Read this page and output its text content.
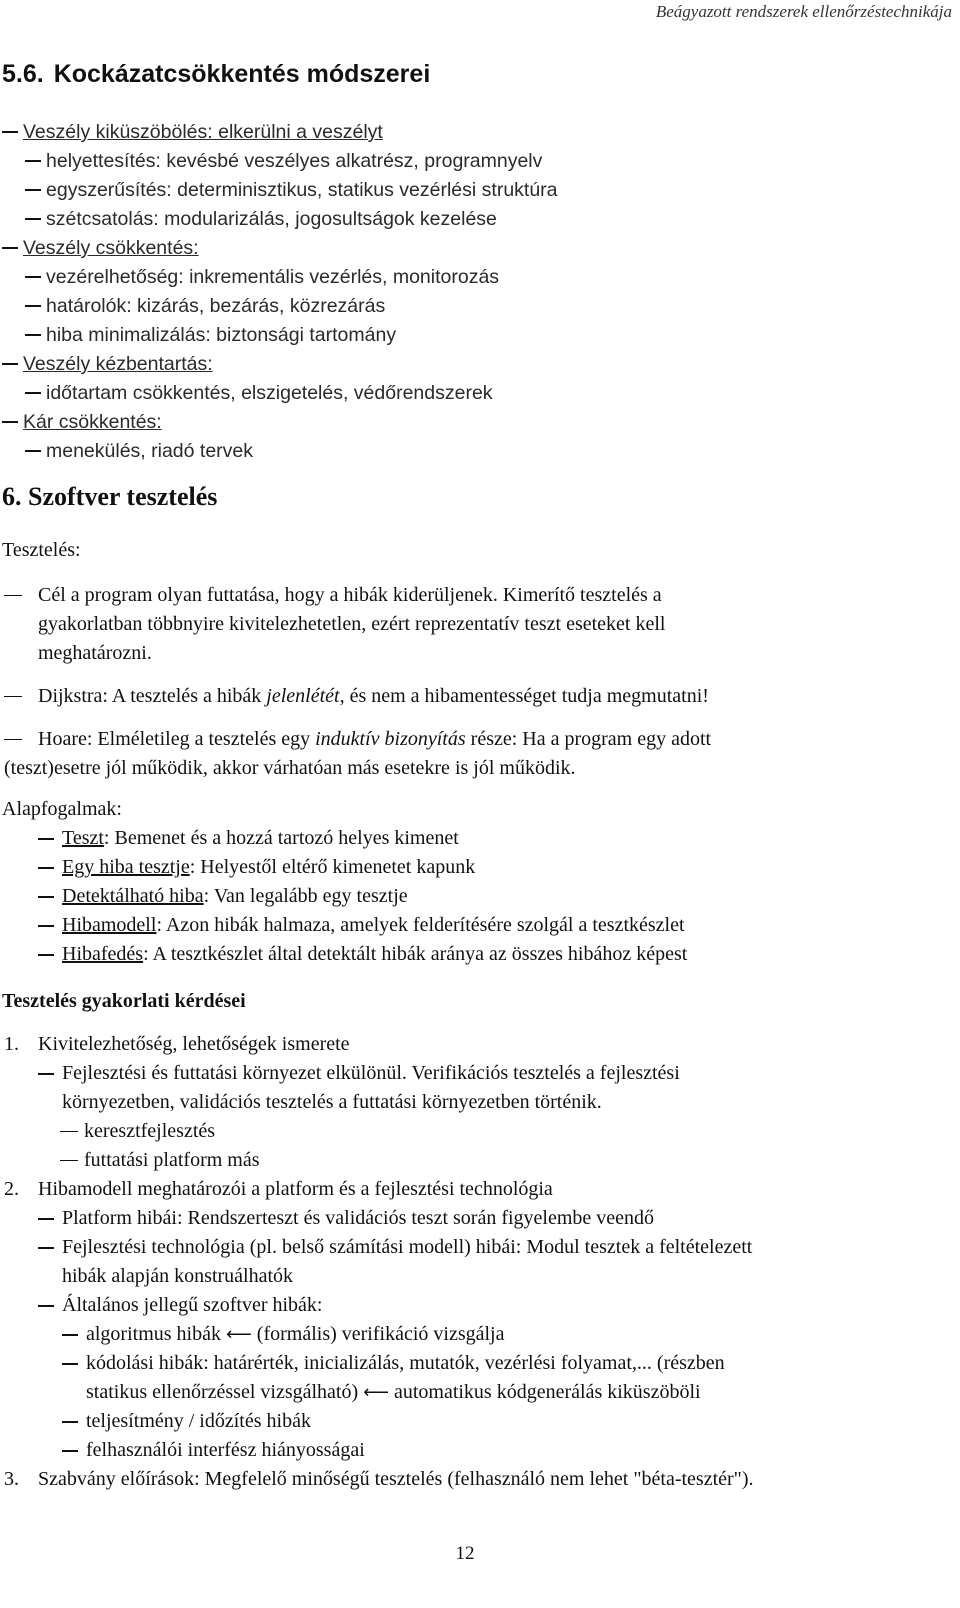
Beágyazott rendszerek ellenőrzéstechnikája
5.6. Kockázatcsökkentés módszerei
Veszély kiküszöbölés: elkerülni a veszélyt
helyettesítés: kevésbé veszélyes alkatrész, programnyelv
egyszerűsítés: determinisztikus, statikus vezérlési struktúra
szétcsatolás: modularizálás, jogosultságok kezelése
Veszély csökkentés:
vezérelhetőség: inkrementális vezérlés, monitorozás
határolók: kizárás, bezárás, közrezárás
hiba minimalizálás: biztonsági tartomány
Veszély kézbentartás:
időtartam csökkentés, elszigetelés, védőrendszerek
Kár csökkentés:
menekülés, riadó tervek
6. Szoftver tesztelés
Tesztelés:
Cél a program olyan futtatása, hogy a hibák kiderüljenek. Kimerítő tesztelés a
gyakorlatban többnyire kivitelezhetetlen, ezért reprezentatív teszt eseteket kell
meghatározni.
Dijkstra: A tesztelés a hibák jelenlétét, és nem a hibamentességet tudja megmutatni!
Hoare: Elméletileg a tesztelés egy induktív bizonyítás része: Ha a program egy adott
(teszt)esetre jól működik, akkor várhatóan más esetekre is jól működik.
Alapfogalmak:
Teszt: Bemenet és a hozzá tartozó helyes kimenet
Egy hiba tesztje: Helyestől eltérő kimenetet kapunk
Detektálható hiba: Van legalább egy tesztje
Hibamodell: Azon hibák halmaza, amelyek felderítésére szolgál a tesztkészlet
Hibafedés: A tesztkészlet által detektált hibák aránya az összes hibához képest
Tesztelés gyakorlati kérdései
1. Kivitelezhetőség, lehetőségek ismerete
Fejlesztési és futtatási környezet elkülönül. Verifikációs tesztelés a fejlesztési
környezetben, validációs tesztelés a futtatási környezetben történik.
keresztfejlesztés
futtatási platform más
2. Hibamodell meghatározói a platform és a fejlesztési technológia
Platform hibái: Rendszerteszt és validációs teszt során figyelembe veendő
Fejlesztési technológia (pl. belső számítási modell) hibái: Modul tesztek a feltételezett
hibák alapján konstruálhatók
Általános jellegű szoftver hibák:
algoritmus hibák ⟵ (formális) verifikáció vizsgálja
kódolási hibák: határérték, inicializálás, mutatók, vezérlési folyamat,... (részben
statikus ellenőrzéssel vizsgálható) ⟵ automatikus kódgenerálás kiküszöböli
teljesítmény / időzítés hibák
felhasználói interfész hiányosságai
3. Szabvány előírások: Megfelelő minőségű tesztelés (felhasználó nem lehet "béta-tesztér").
12
